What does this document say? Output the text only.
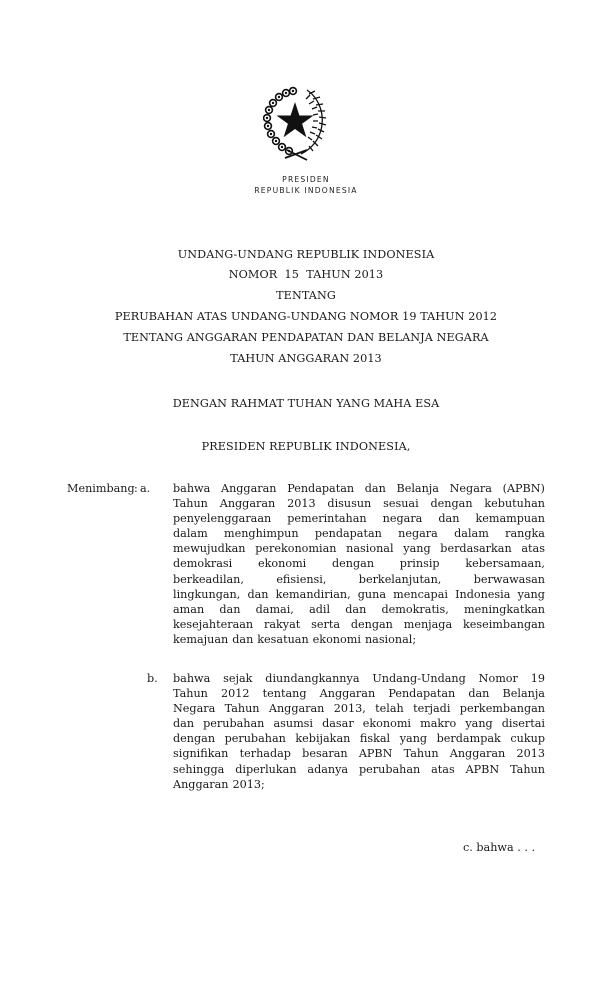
PRESIDEN
REPUBLIK INDONESIA
UNDANG-UNDANG REPUBLIK INDONESIA
NOMOR  15  TAHUN 2013
TENTANG
PERUBAHAN ATAS UNDANG-UNDANG NOMOR 19 TAHUN 2012
TENTANG ANGGARAN PENDAPATAN DAN BELANJA NEGARA
TAHUN ANGGARAN 2013
DENGAN RAHMAT TUHAN YANG MAHA ESA
PRESIDEN REPUBLIK INDONESIA,
Menimbang : a. bahwa Anggaran Pendapatan dan Belanja Negara (APBN)
Tahun Anggaran 2013 disusun sesuai dengan kebutuhan
penyelenggaraan pemerintahan negara dan kemampuan
dalam menghimpun pendapatan negara dalam rangka
mewujudkan perekonomian nasional yang berdasarkan atas
demokrasi ekonomi dengan prinsip kebersamaan,
berkeadilan,	efisiensi,	berkelanjutan,	berwawasan
lingkungan, dan kemandirian, guna mencapai Indonesia yang
aman dan damai, adil dan demokratis, meningkatkan
kesejahteraan rakyat serta dengan menjaga keseimbangan
kemajuan dan kesatuan ekonomi nasional;
b. bahwa sejak diundangkannya Undang-Undang Nomor 19
Tahun 2012 tentang Anggaran Pendapatan dan Belanja
Negara Tahun Anggaran 2013, telah terjadi perkembangan
dan perubahan asumsi dasar ekonomi makro yang disertai
dengan perubahan kebijakan fiskal yang berdampak cukup
signifikan terhadap besaran APBN Tahun Anggaran 2013
sehingga diperlukan adanya perubahan atas APBN Tahun
Anggaran 2013;
c. bahwa . . .
